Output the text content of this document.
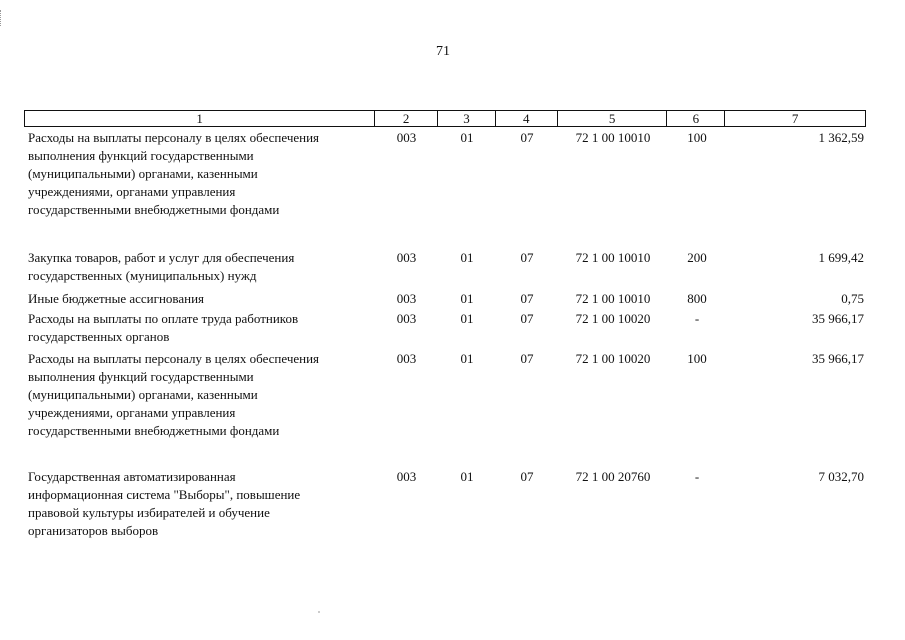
71
1	2	3	4	5	6	7
Расходы на выплаты персоналу в целях обеспечения
выполнения функций государственными
(муниципальными) органами, казенными
учреждениями, органами управления
государственными внебюджетными фондами
003	01	07	72 1 00 10010	100	1 362,59
Закупка товаров, работ и услуг для обеспечения
государственных (муниципальных) нужд
003	01	07	72 1 00 10010	200	1 699,42
Иные бюджетные ассигнования	003	01	07	72 1 00 10010	800	0,75
Расходы на выплаты по оплате труда работников
государственных органов
003	01	07	72 1 00 10020	-	35 966,17
Расходы на выплаты персоналу в целях обеспечения
выполнения функций государственными
(муниципальными) органами, казенными
учреждениями, органами управления
государственными внебюджетными фондами
003	01	07	72 1 00 10020	100	35 966,17
Государственная автоматизированная
информационная система "Выборы", повышение
правовой культуры избирателей и обучение
организаторов выборов
003	01	07	72 1 00 20760	-	7 032,70
